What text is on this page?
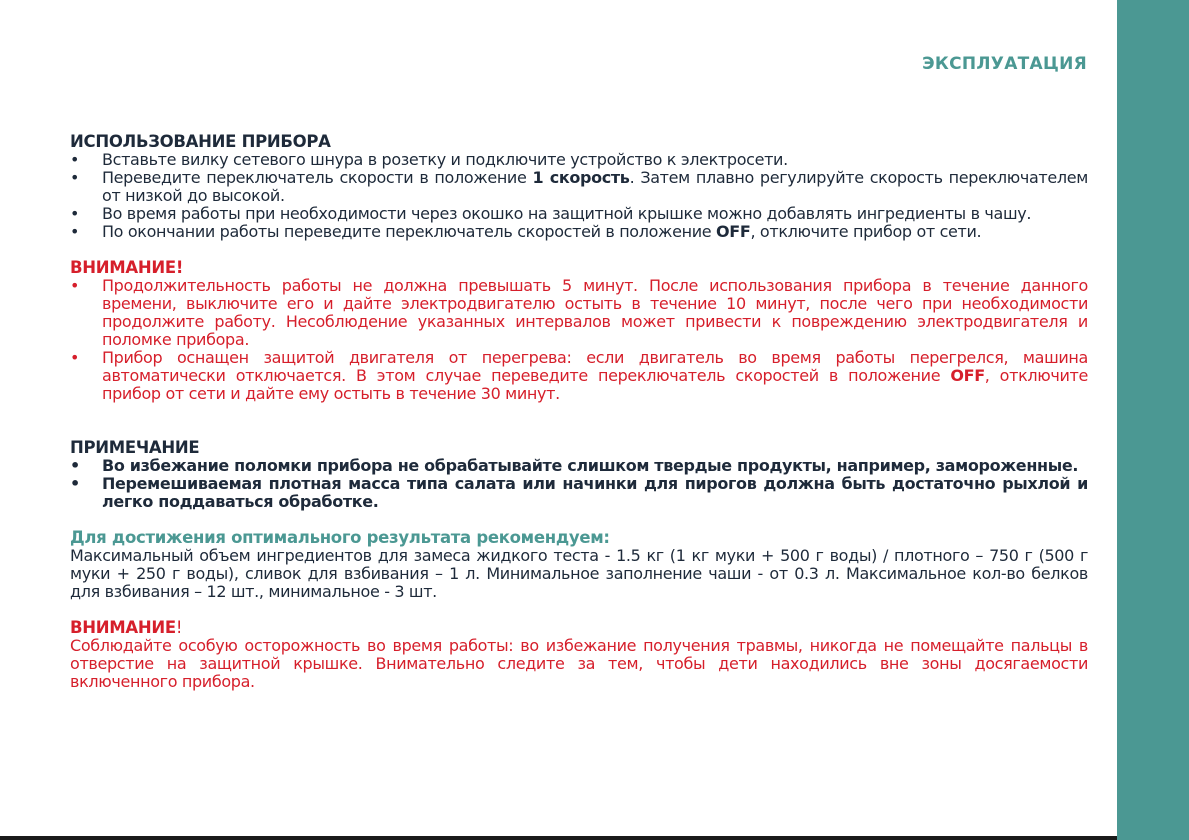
ЭКСПЛУАТАЦИЯ

ИСПОЛЬЗОВАНИЕ ПРИБОРА

• Вставьте вилку сетевого шнура в розетку и подключите устройство к электросети.
• Переведите переключатель скорости в положение 1 скорость. Затем плавно регулируйте скорость переключателем от низкой до высокой.
• Во время работы при необходимости через окошко на защитной крышке можно добавлять ингредиенты в чашу.
• По окончании работы переведите переключатель скоростей в положение OFF, отключите прибор от сети.

ВНИМАНИЕ!

• Продолжительность работы не должна превышать 5 минут. После использования прибора в течение данного времени, выключите его и дайте электродвигателю остыть в течение 10 минут, после чего при необходимости продолжите работу. Несоблюдение указанных интервалов может привести к повреждению электродвигателя и поломке прибора.
• Прибор оснащен защитой двигателя от перегрева: если двигатель во время работы перегрелся, машина автоматически отключается. В этом случае переведите переключатель скоростей в положение OFF, отключите прибор от сети и дайте ему остыть в течение 30 минут.

ПРИМЕЧАНИЕ

• Во избежание поломки прибора не обрабатывайте слишком твердые продукты, например, замороженные.
• Перемешиваемая плотная масса типа салата или начинки для пирогов должна быть достаточно рыхлой и легко поддаваться обработке.

Для достижения оптимального результата рекомендуем:

Максимальный объем ингредиентов для замеса жидкого теста - 1.5 кг (1 кг муки + 500 г воды) / плотного – 750 г (500 г муки + 250 г воды), сливок для взбивания – 1 л. Минимальное заполнение чаши - от 0.3 л. Максимальное кол-во белков для взбивания – 12 шт., минимальное - 3 шт.

ВНИМАНИЕ!

Соблюдайте особую осторожность во время работы: во избежание получения травмы, никогда не помещайте пальцы в отверстие на защитной крышке. Внимательно следите за тем, чтобы дети находились вне зоны досягаемости включенного прибора.
